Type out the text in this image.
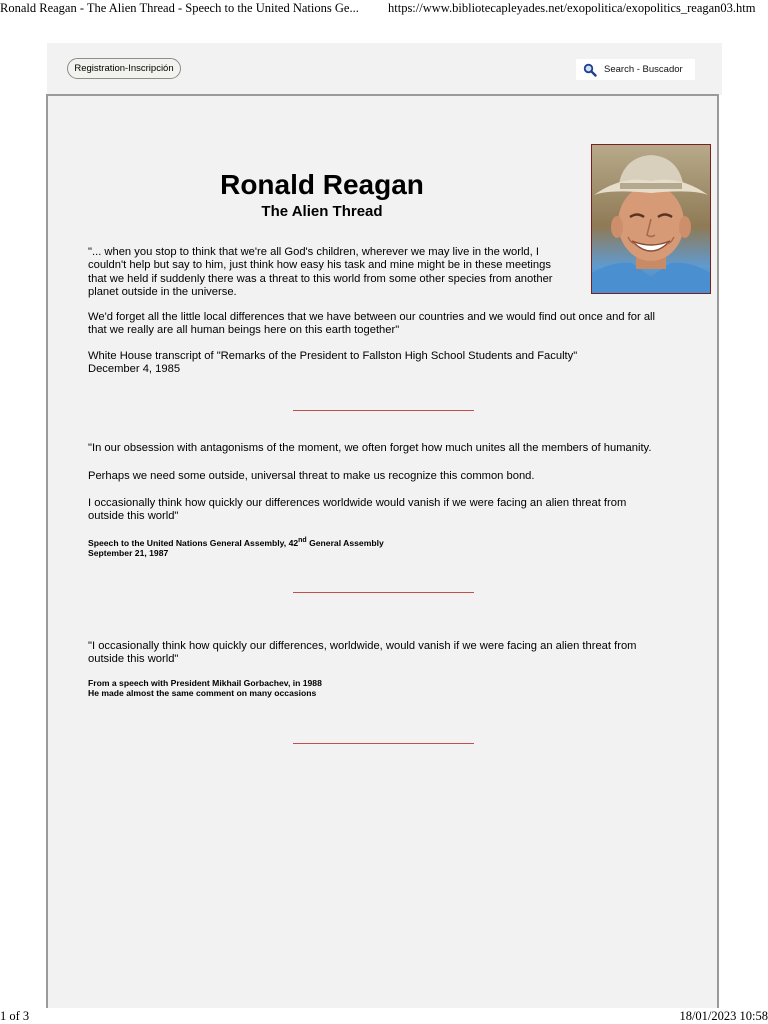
Ronald Reagan - The Alien Thread - Speech to the United Nations Ge... https://www.bibliotecapleyades.net/exopolitica/exopolitics_reagan03.htm
Registration-Inscripción	Search - Buscador
Ronald Reagan
The Alien Thread

"... when you stop to think that we're all God's children, wherever we may live in the world, I
couldn't help but say to him, just think how easy his task and mine might be in these meetings
that we held if suddenly there was a threat to this world from some other species from another
planet outside in the universe.

We'd forget all the little local differences that we have between our countries and we would find out once and for all
that we really are all human beings here on this earth together"

White House transcript of "Remarks of the President to Fallston High School Students and Faculty"
December 4, 1985

"In our obsession with antagonisms of the moment, we often forget how much unites all the members of humanity.

Perhaps we need some outside, universal threat to make us recognize this common bond.

I occasionally think how quickly our differences worldwide would vanish if we were facing an alien threat from
outside this world"

Speech to the United Nations General Assembly, 42nd General Assembly
September 21, 1987

"I occasionally think how quickly our differences, worldwide, would vanish if we were facing an alien threat from
outside this world"

From a speech with President Mikhail Gorbachev, in 1988
He made almost the same comment on many occasions

1 of 3	18/01/2023 10:58
